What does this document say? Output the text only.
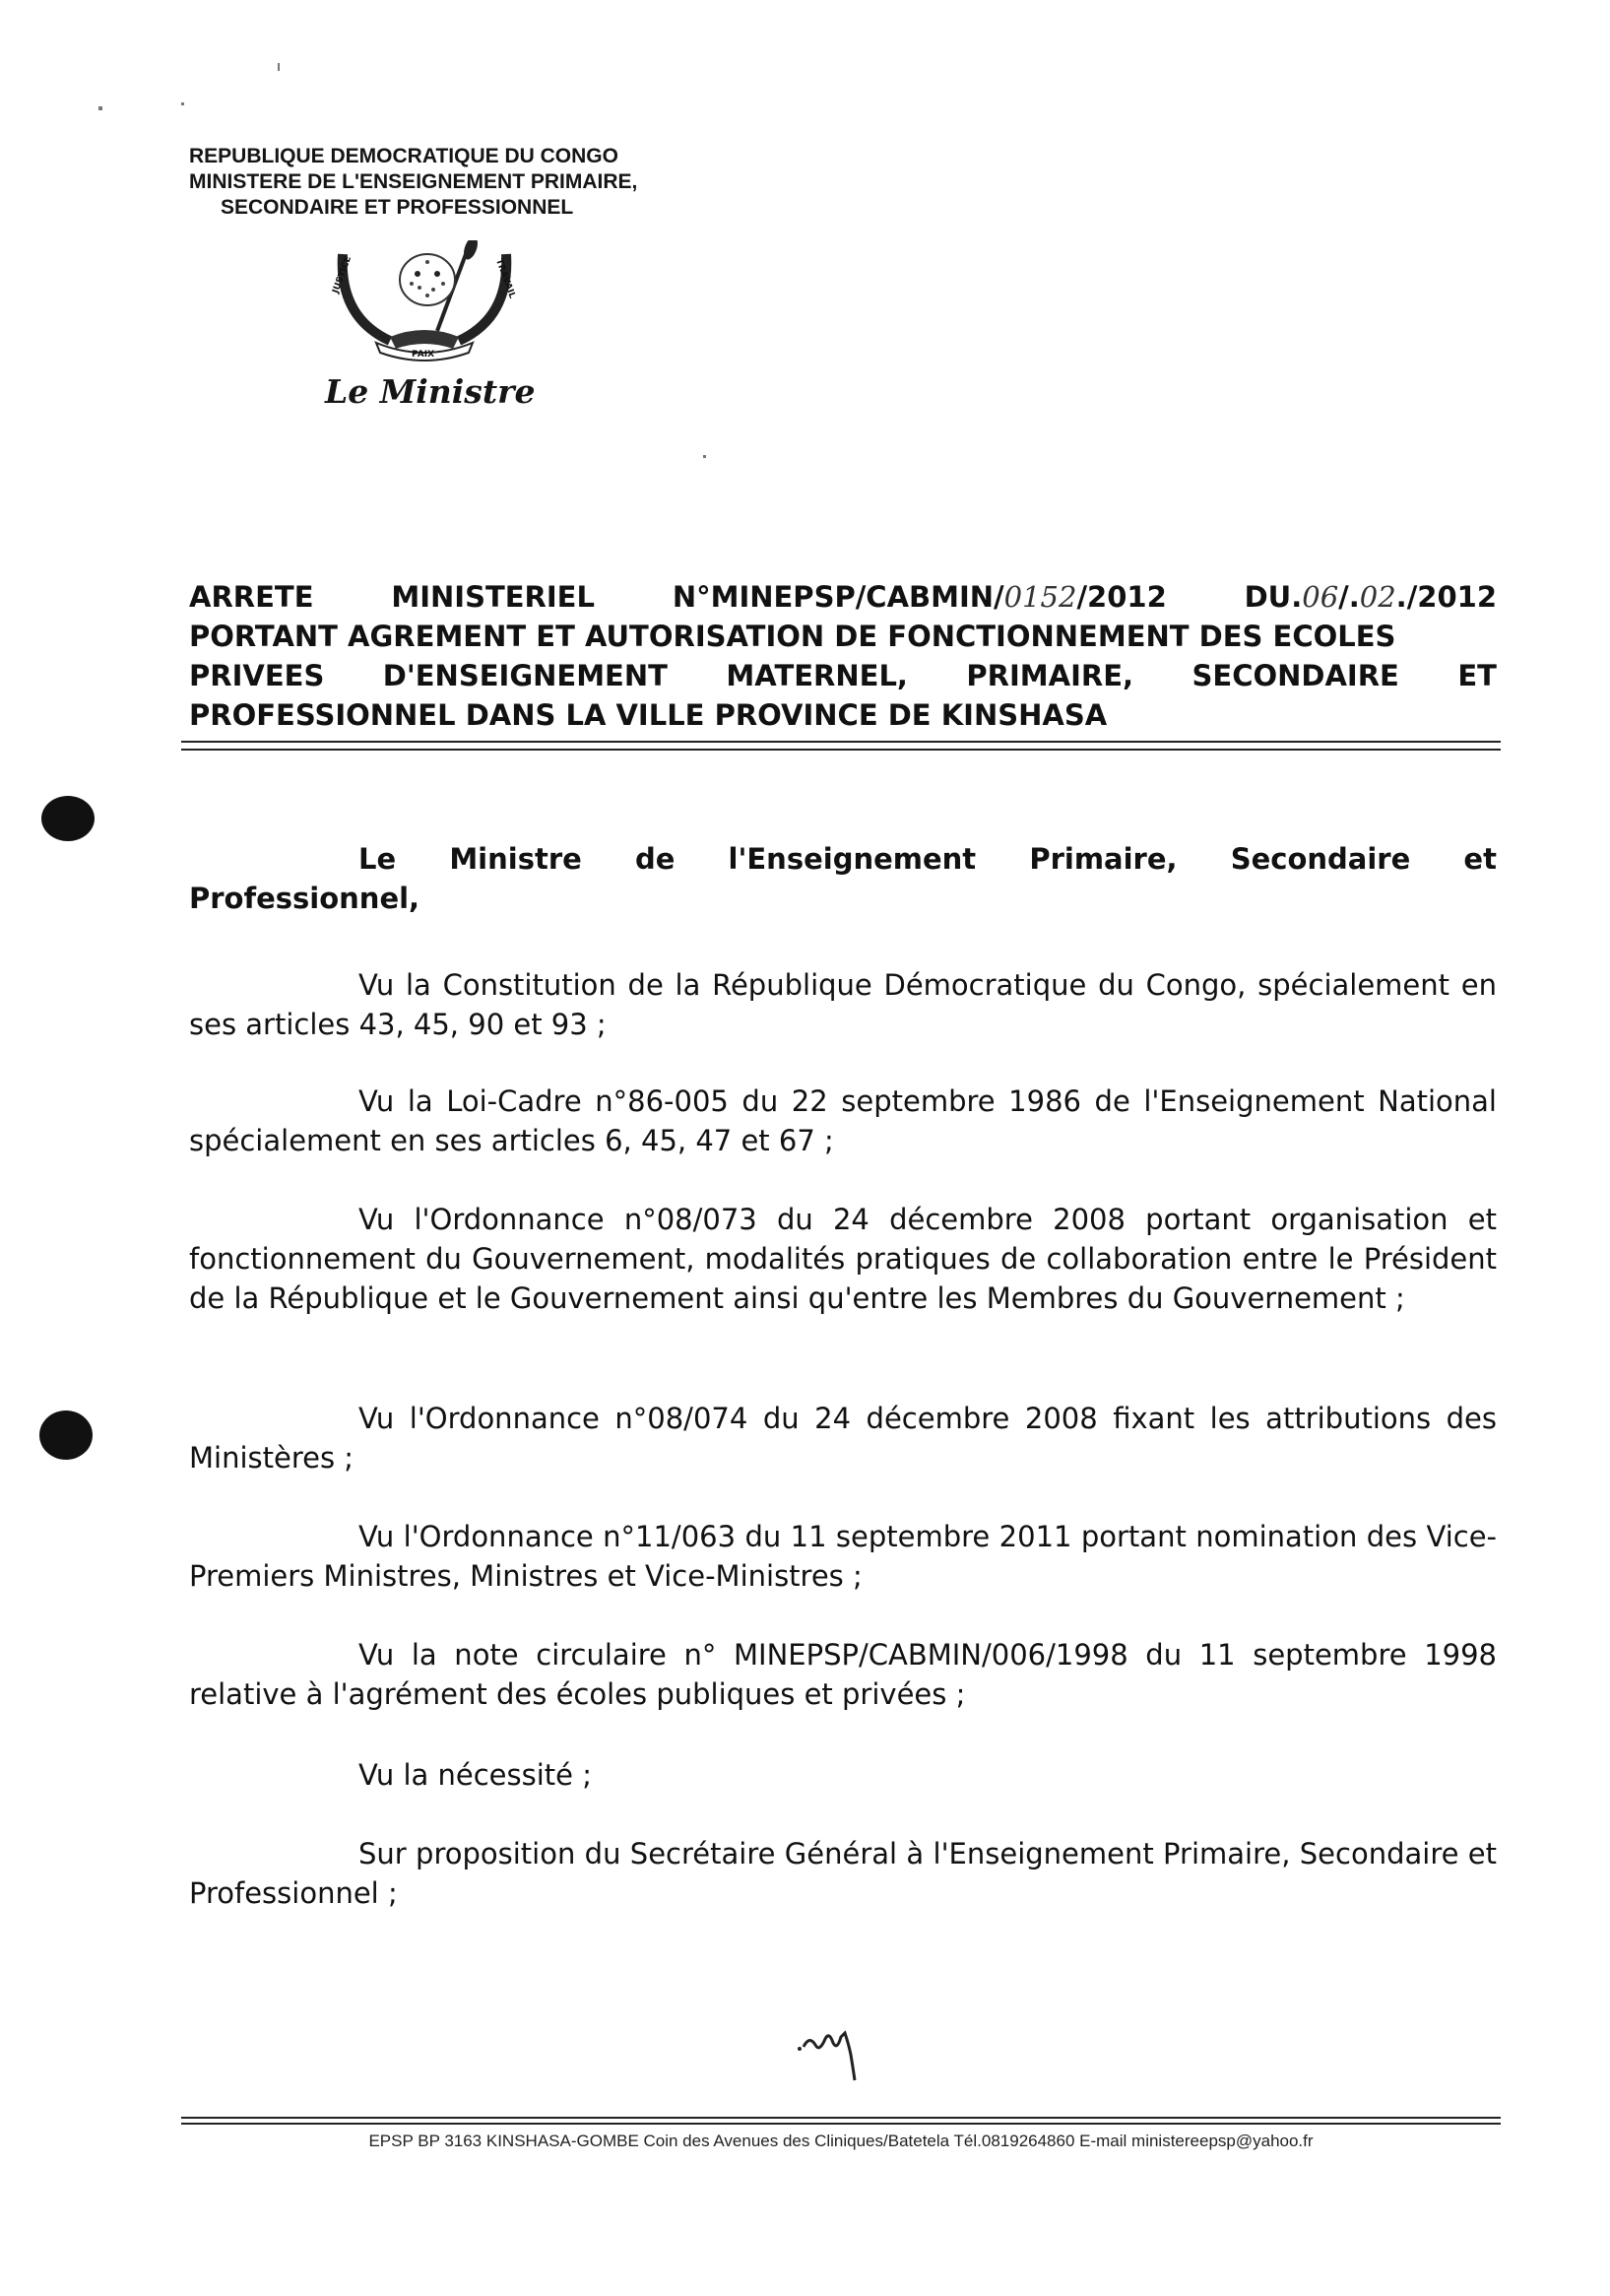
REPUBLIQUE DEMOCRATIQUE DU CONGO
MINISTERE DE L'ENSEIGNEMENT PRIMAIRE,
SECONDAIRE ET PROFESSIONNEL
JUSTICE
PAIX
TRAVAIL
Le Ministre
ARRETE	MINISTERIEL	N°MINEPSP/CABMIN/0152/2012	DU.06/.02./2012
PORTANT AGREMENT ET AUTORISATION DE FONCTIONNEMENT DES ECOLES
PRIVEES D'ENSEIGNEMENT MATERNEL, PRIMAIRE, SECONDAIRE ET
PROFESSIONNEL DANS LA VILLE PROVINCE DE KINSHASA
Le Ministre de l'Enseignement Primaire, Secondaire et
Professionnel,
Vu la Constitution de la République Démocratique du Congo, spécialement en ses articles 43, 45, 90 et 93 ;
Vu la Loi-Cadre n°86-005 du 22 septembre 1986 de l'Enseignement National spécialement en ses articles 6, 45, 47 et 67 ;
Vu l'Ordonnance n°08/073 du 24 décembre 2008 portant organisation et fonctionnement du Gouvernement, modalités pratiques de collaboration entre le Président de la République et le Gouvernement ainsi qu'entre les Membres du Gouvernement ;
Vu l'Ordonnance n°08/074 du 24 décembre 2008 fixant les attributions des Ministères ;
Vu l'Ordonnance n°11/063 du 11 septembre 2011 portant nomination des Vice-Premiers Ministres, Ministres et Vice-Ministres ;
Vu la note circulaire n° MINEPSP/CABMIN/006/1998 du 11 septembre 1998 relative à l'agrément des écoles publiques et privées ;
Vu la nécessité ;
Sur proposition du Secrétaire Général à l'Enseignement Primaire, Secondaire et Professionnel ;
EPSP BP 3163 KINSHASA-GOMBE Coin des Avenues des Cliniques/Batetela Tél.0819264860 E-mail ministereepsp@yahoo.fr
